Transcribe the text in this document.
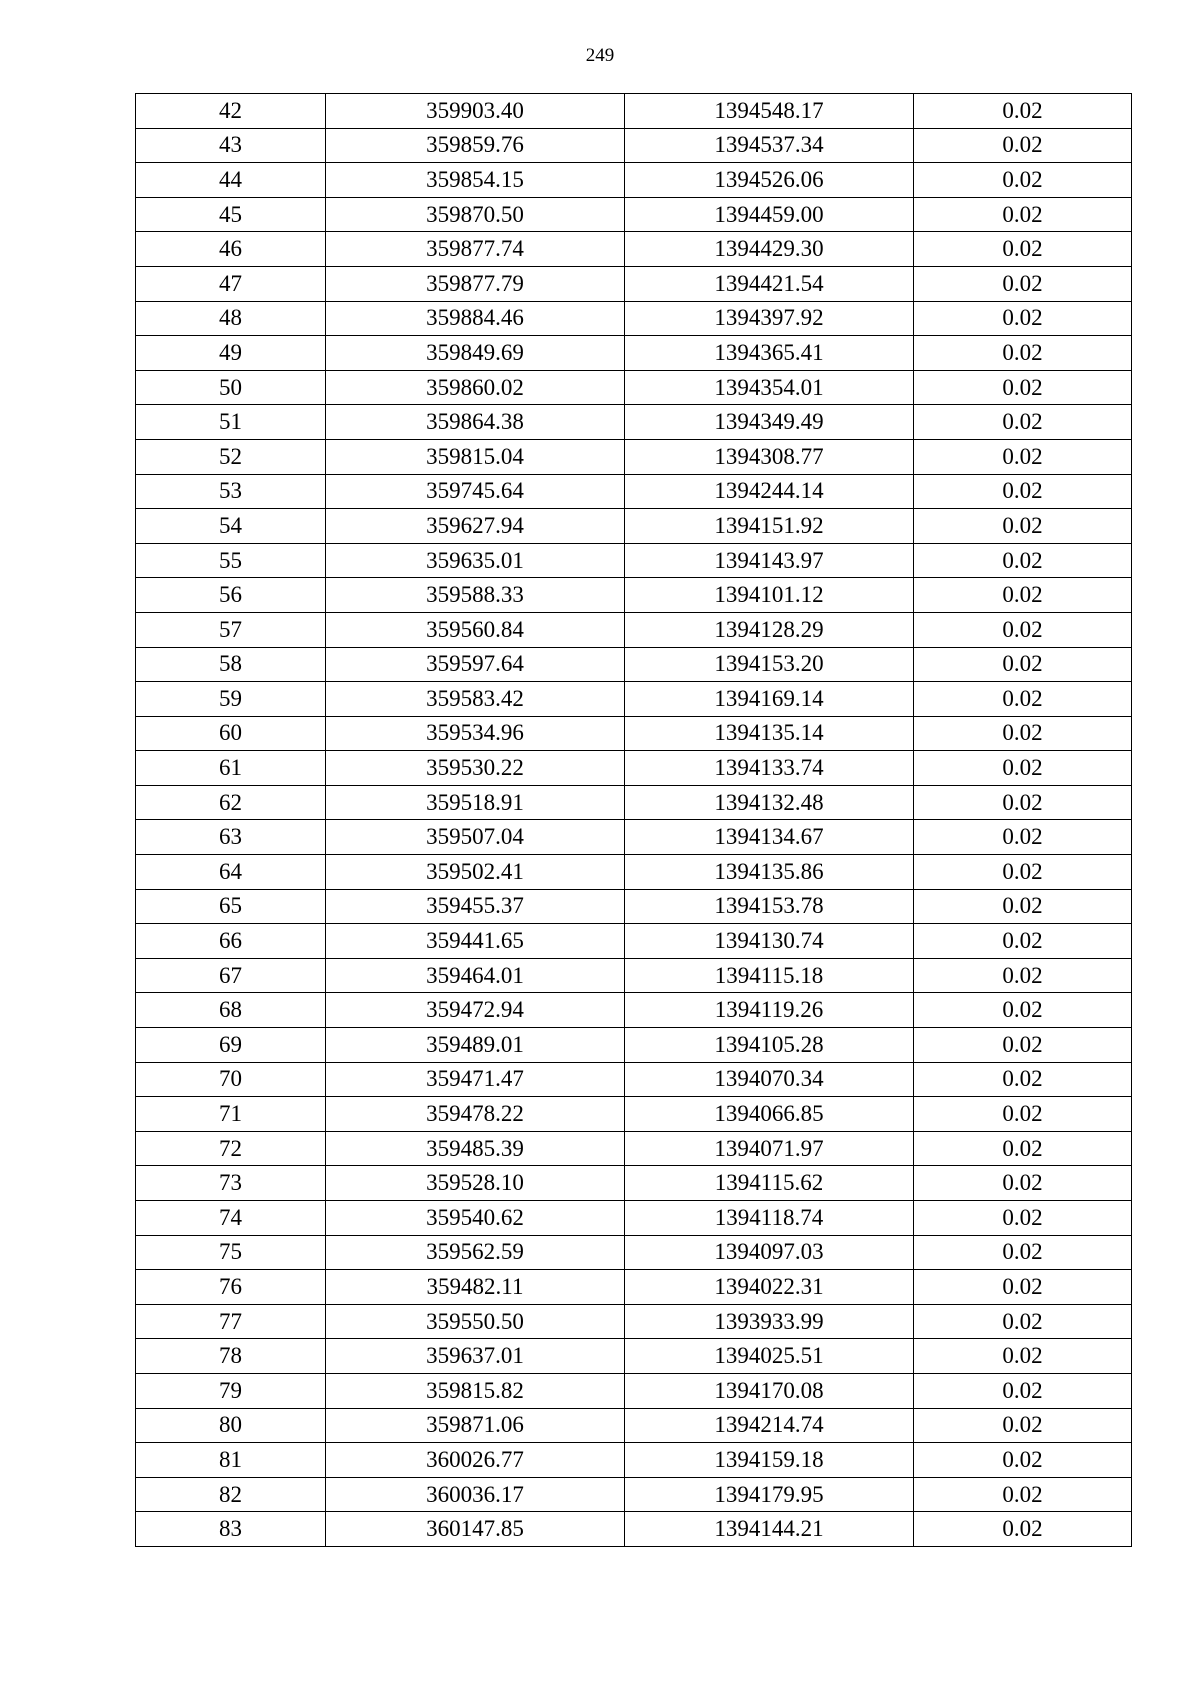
249
42	359903.40	1394548.17	0.02
43	359859.76	1394537.34	0.02
44	359854.15	1394526.06	0.02
45	359870.50	1394459.00	0.02
46	359877.74	1394429.30	0.02
47	359877.79	1394421.54	0.02
48	359884.46	1394397.92	0.02
49	359849.69	1394365.41	0.02
50	359860.02	1394354.01	0.02
51	359864.38	1394349.49	0.02
52	359815.04	1394308.77	0.02
53	359745.64	1394244.14	0.02
54	359627.94	1394151.92	0.02
55	359635.01	1394143.97	0.02
56	359588.33	1394101.12	0.02
57	359560.84	1394128.29	0.02
58	359597.64	1394153.20	0.02
59	359583.42	1394169.14	0.02
60	359534.96	1394135.14	0.02
61	359530.22	1394133.74	0.02
62	359518.91	1394132.48	0.02
63	359507.04	1394134.67	0.02
64	359502.41	1394135.86	0.02
65	359455.37	1394153.78	0.02
66	359441.65	1394130.74	0.02
67	359464.01	1394115.18	0.02
68	359472.94	1394119.26	0.02
69	359489.01	1394105.28	0.02
70	359471.47	1394070.34	0.02
71	359478.22	1394066.85	0.02
72	359485.39	1394071.97	0.02
73	359528.10	1394115.62	0.02
74	359540.62	1394118.74	0.02
75	359562.59	1394097.03	0.02
76	359482.11	1394022.31	0.02
77	359550.50	1393933.99	0.02
78	359637.01	1394025.51	0.02
79	359815.82	1394170.08	0.02
80	359871.06	1394214.74	0.02
81	360026.77	1394159.18	0.02
82	360036.17	1394179.95	0.02
83	360147.85	1394144.21	0.02
